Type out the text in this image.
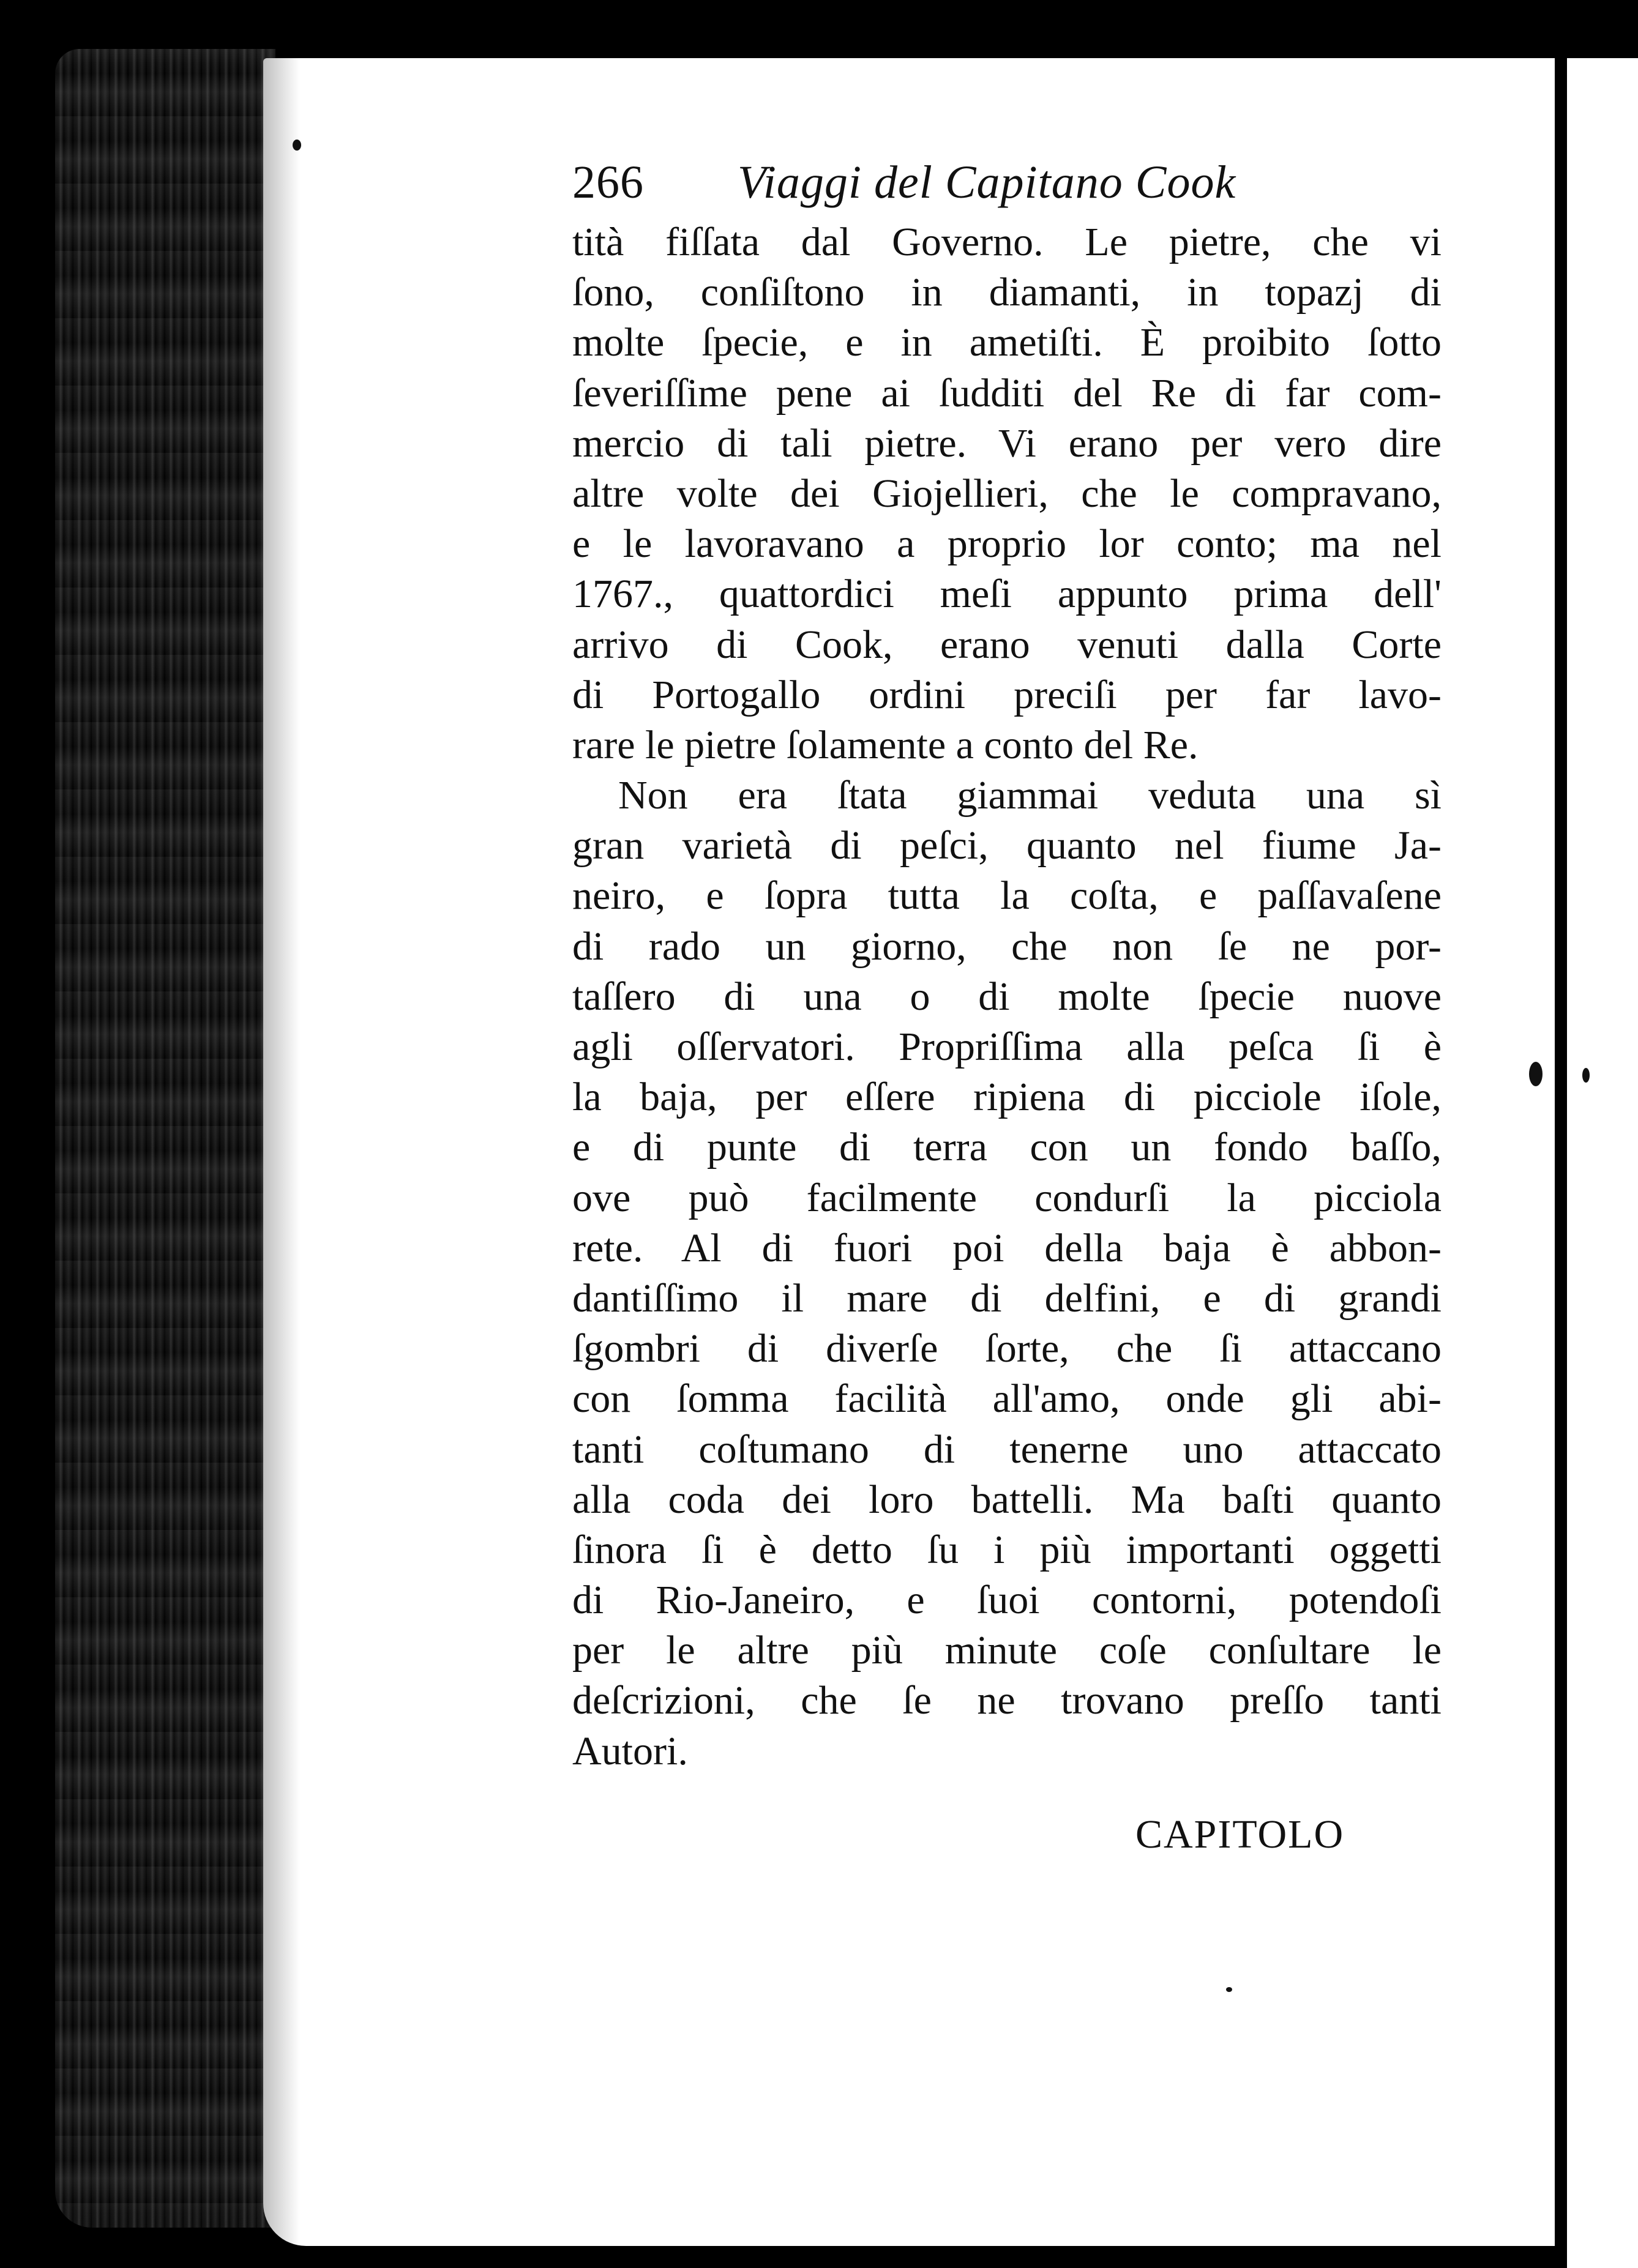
266 Viaggi del Capitano Cook
tità fiſſata dal Governo. Le pietre, che vi
ſono, conſiſtono in diamanti, in topazj di
molte ſpecie, e in ametiſti. È proibito ſotto
ſeveriſſime pene ai ſudditi del Re di far com-
mercio di tali pietre. Vi erano per vero dire
altre volte dei Giojellieri, che le compravano,
e le lavoravano a proprio lor conto; ma nel
1767., quattordici meſi appunto prima dell'
arrivo di Cook, erano venuti dalla Corte
di Portogallo ordini preciſi per far lavo-
rare le pietre ſolamente a conto del Re.
Non era ſtata giammai veduta una sì
gran varietà di peſci, quanto nel fiume Ja-
neiro, e ſopra tutta la coſta, e paſſavaſene
di rado un giorno, che non ſe ne por-
taſſero di una o di molte ſpecie nuove
agli oſſervatori. Propriſſima alla peſca ſi è
la baja, per eſſere ripiena di picciole iſole,
e di punte di terra con un fondo baſſo,
ove può facilmente condurſi la picciola
rete. Al di fuori poi della baja è abbon-
dantiſſimo il mare di delfini, e di grandi
ſgombri di diverſe ſorte, che ſi attaccano
con ſomma facilità all'amo, onde gli abi-
tanti coſtumano di tenerne uno attaccato
alla coda dei loro battelli. Ma baſti quanto
ſinora ſi è detto ſu i più importanti oggetti
di Rio-Janeiro, e ſuoi contorni, potendoſi
per le altre più minute coſe conſultare le
deſcrizioni, che ſe ne trovano preſſo tanti
Autori.
CAPITOLO
